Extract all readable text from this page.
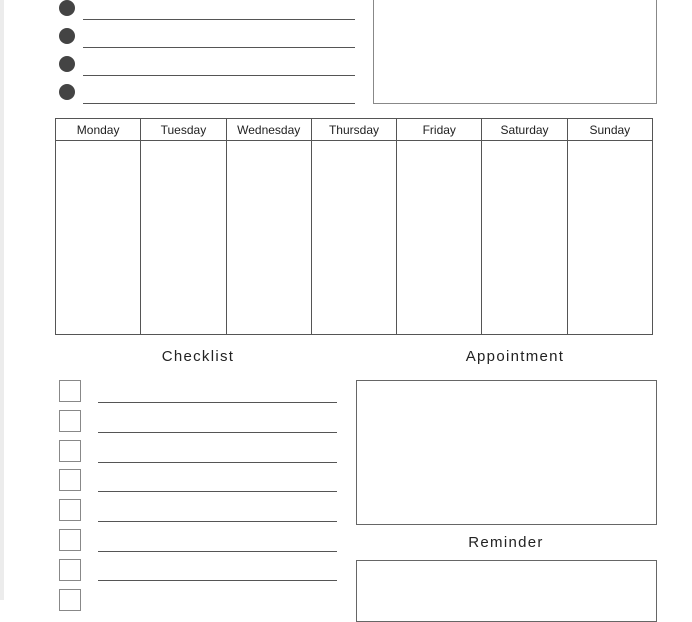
Monday	Tuesday	Wednesday	Thursday	Friday	Saturday	Sunday

Checklist	Appointment
Reminder
